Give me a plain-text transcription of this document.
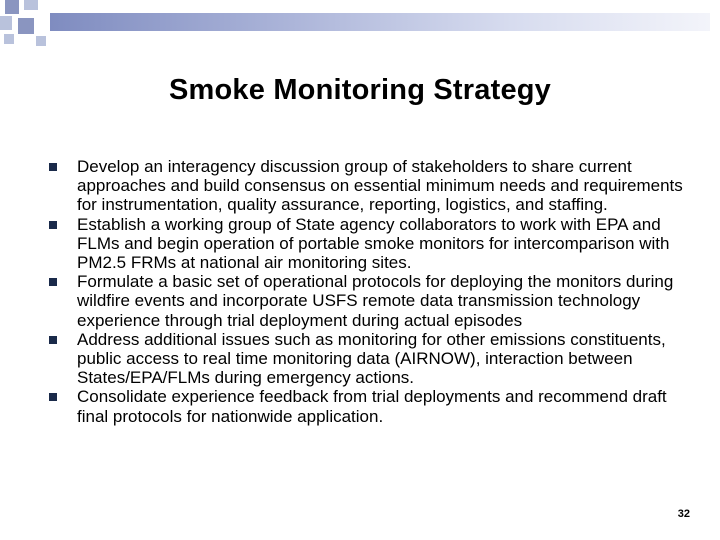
Smoke Monitoring Strategy
Develop an interagency discussion group of stakeholders to share current approaches and build consensus on essential minimum needs and requirements for instrumentation, quality assurance, reporting, logistics, and staffing.
Establish a working group of State agency collaborators to work with EPA and FLMs and begin operation of portable smoke monitors for intercomparison with PM2.5 FRMs at national air monitoring sites.
Formulate a basic set of operational protocols for deploying the monitors during wildfire events and incorporate USFS remote data transmission technology experience through trial deployment during actual episodes
Address additional issues such as monitoring for other emissions constituents, public access to real time monitoring data (AIRNOW), interaction between States/EPA/FLMs during emergency actions.
Consolidate experience feedback from trial deployments and recommend draft final protocols for nationwide application.
32
